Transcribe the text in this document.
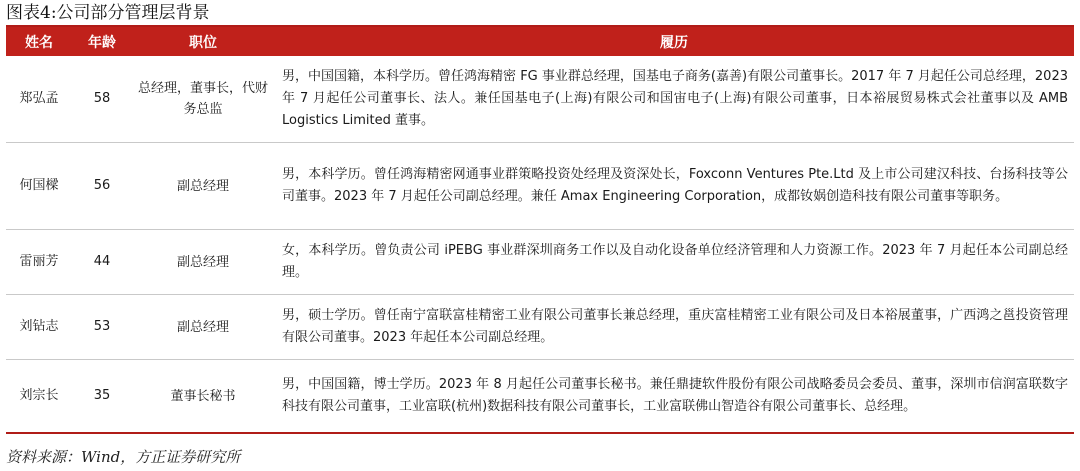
图表4:公司部分管理层背景
姓名	年龄	职位	履历
郑弘孟	58	总经理，董事长，代财务总监	男，中国国籍，本科学历。曾任鸿海精密 FG 事业群总经理，国基电子商务(嘉善)有限公司董事长。2017 年 7 月起任公司总经理，2023 年 7 月起任公司董事长、法人。兼任国基电子(上海)有限公司和国宙电子(上海)有限公司董事，日本裕展贸易株式会社董事以及 AMB Logistics Limited 董事。
何国樑	56	副总经理	男，本科学历。曾任鸿海精密网通事业群策略投资处经理及资深处长，Foxconn Ventures Pte.Ltd 及上市公司建汉科技、台扬科技等公司董事。2023 年 7 月起任公司副总经理。兼任 Amax Engineering Corporation，成都钕娲创造科技有限公司董事等职务。
雷丽芳	44	副总经理	女，本科学历。曾负责公司 iPEBG 事业群深圳商务工作以及自动化设备单位经济管理和人力资源工作。2023 年 7 月起任本公司副总经理。
刘钻志	53	副总经理	男，硕士学历。曾任南宁富联富桂精密工业有限公司董事长兼总经理，重庆富桂精密工业有限公司及日本裕展董事，广西鸿之邕投资管理有限公司董事。2023 年起任本公司副总经理。
刘宗长	35	董事长秘书	男，中国国籍，博士学历。2023 年 8 月起任公司董事长秘书。兼任鼎捷软件股份有限公司战略委员会委员、董事，深圳市信润富联数字科技有限公司董事，工业富联(杭州)数据科技有限公司董事长，工业富联佛山智造谷有限公司董事长、总经理。
资料来源：Wind，方正证券研究所
